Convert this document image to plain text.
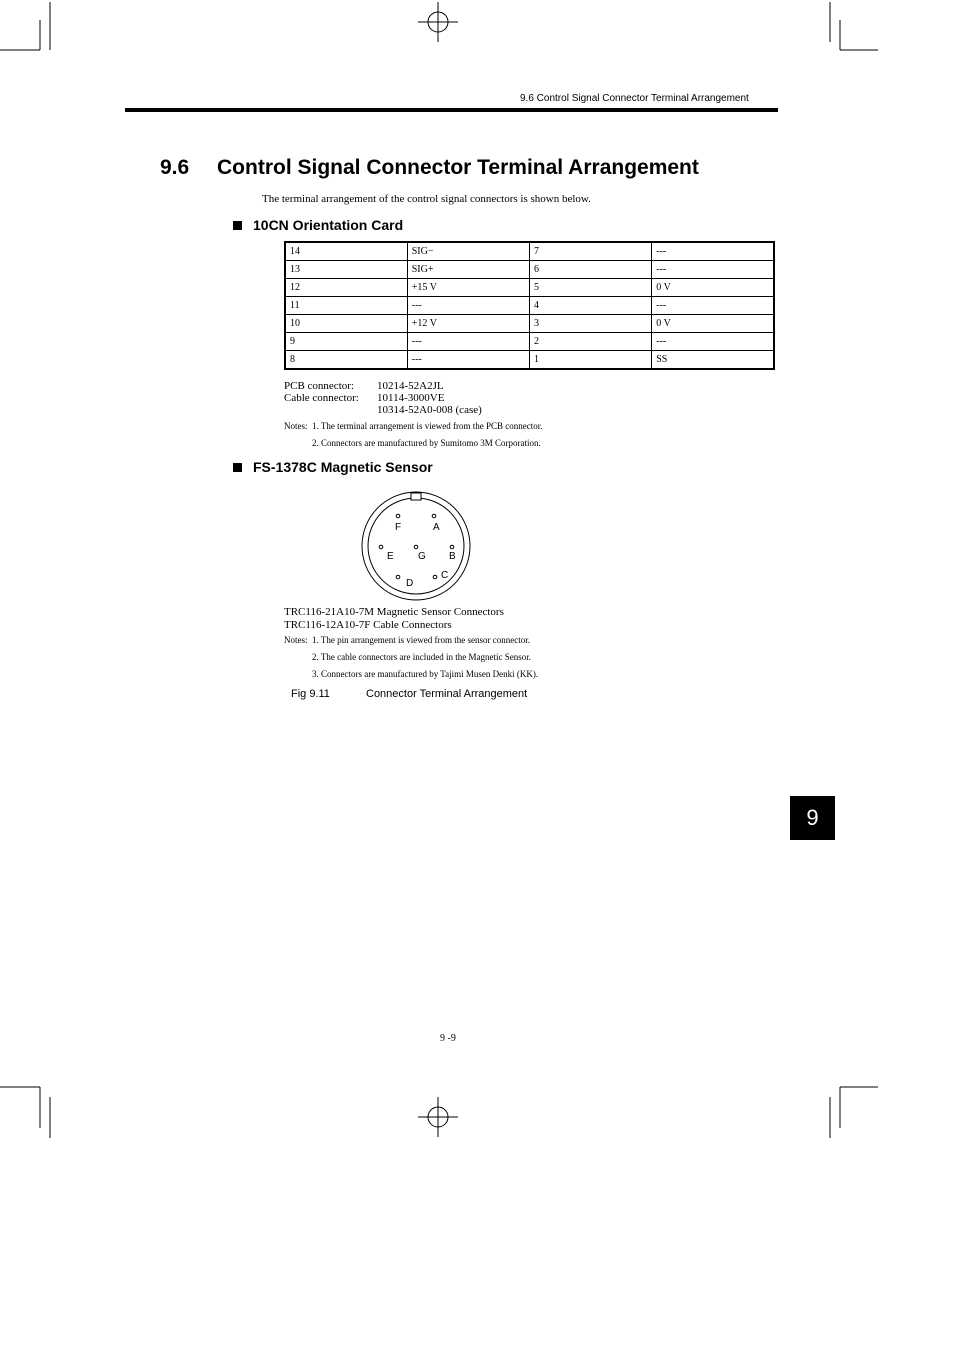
9.6 Control Signal Connector Terminal Arrangement
9.6 Control Signal Connector Terminal Arrangement
The terminal arrangement of the control signal connectors is shown below.
10CN Orientation Card
14	SIG−	7	---
13	SIG+	6	---
12	+15 V	5	0 V
11	---	4	---
10	+12 V	3	0 V
9	---	2	---
8	---	1	SS
PCB connector: 10214-52A2JL
Cable connector: 10114-3000VE
10314-52A0-008 (case)
Notes: 1. The terminal arrangement is viewed from the PCB connector.
2. Connectors are manufactured by Sumitomo 3M Corporation.
FS-1378C Magnetic Sensor
F	A
E G B
D
C
TRC116-21A10-7M Magnetic Sensor Connectors
TRC116-12A10-7F Cable Connectors
Notes: 1. The pin arrangement is viewed from the sensor connector.
2. The cable connectors are included in the Magnetic Sensor.
3. Connectors are manufactured by Tajimi Musen Denki (KK).
Fig 9.11	Connector Terminal Arrangement
9
9 -9
